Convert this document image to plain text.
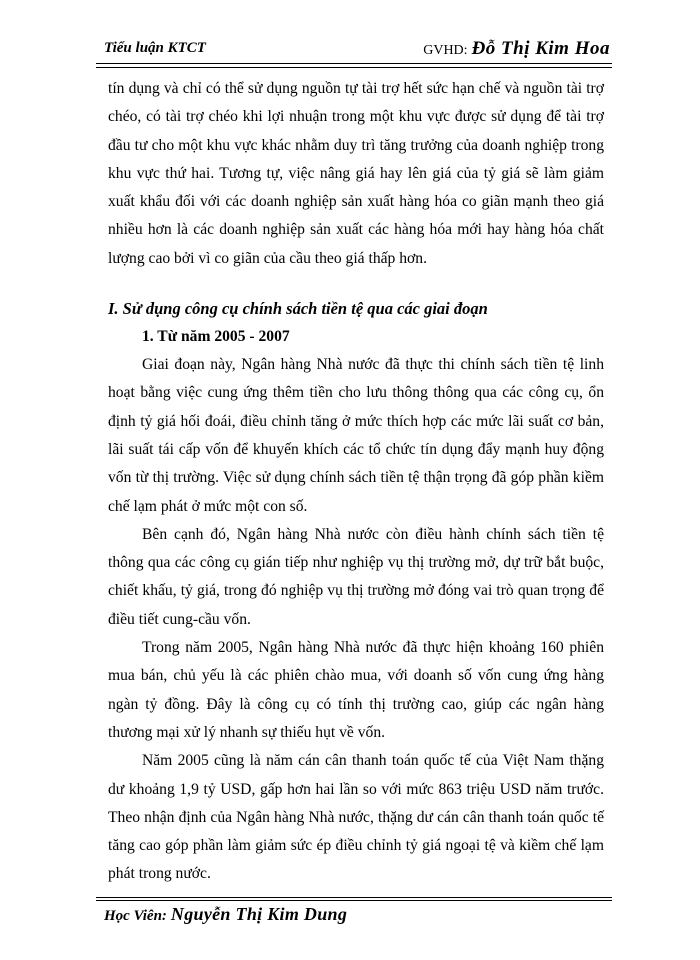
Tiểu luận KTCT	GVHD: Đỗ Thị Kim Hoa

tín dụng và chỉ có thể sử dụng nguồn tự tài trợ hết sức hạn chế và nguồn tài trợ chéo, có tài trợ chéo khi lợi nhuận trong một khu vực được sử dụng để tài trợ đầu tư cho một khu vực khác nhằm duy trì tăng trưởng của doanh nghiệp trong khu vực thứ hai. Tương tự, việc nâng giá hay lên giá của tỷ giá sẽ làm giảm xuất khẩu đối với các doanh nghiệp sản xuất hàng hóa co giãn mạnh theo giá nhiều hơn là các doanh nghiệp sản xuất các hàng hóa mới hay hàng hóa chất lượng cao bởi vì co giãn của cầu theo giá thấp hơn.

I. Sử dụng công cụ chính sách tiền tệ qua các giai đoạn

1. Từ năm 2005 - 2007

Giai đoạn này, Ngân hàng Nhà nước đã thực thi chính sách tiền tệ linh hoạt bằng việc cung ứng thêm tiền cho lưu thông thông qua các công cụ, ổn định tỷ giá hối đoái, điều chỉnh tăng ở mức thích hợp các mức lãi suất cơ bản, lãi suất tái cấp vốn để khuyến khích các tổ chức tín dụng đẩy mạnh huy động vốn từ thị trường. Việc sử dụng chính sách tiền tệ thận trọng đã góp phần kiềm chế lạm phát ở mức một con số.

Bên cạnh đó, Ngân hàng Nhà nước còn điều hành chính sách tiền tệ thông qua các công cụ gián tiếp như nghiệp vụ thị trường mở, dự trữ bắt buộc, chiết khấu, tỷ giá, trong đó nghiệp vụ thị trường mở đóng vai trò quan trọng để điều tiết cung-cầu vốn.

Trong năm 2005, Ngân hàng Nhà nước đã thực hiện khoảng 160 phiên mua bán, chủ yếu là các phiên chào mua, với doanh số vốn cung ứng hàng ngàn tỷ đồng. Đây là công cụ có tính thị trường cao, giúp các ngân hàng thương mại xử lý nhanh sự thiếu hụt về vốn.

Năm 2005 cũng là năm cán cân thanh toán quốc tế của Việt Nam thặng dư khoảng 1,9 tỷ USD, gấp hơn hai lần so với mức 863 triệu USD năm trước. Theo nhận định của Ngân hàng Nhà nước, thặng dư cán cân thanh toán quốc tế tăng cao góp phần làm giảm sức ép điều chỉnh tỷ giá ngoại tệ và kiềm chế lạm phát trong nước.

Học Viên: Nguyễn Thị Kim Dung
